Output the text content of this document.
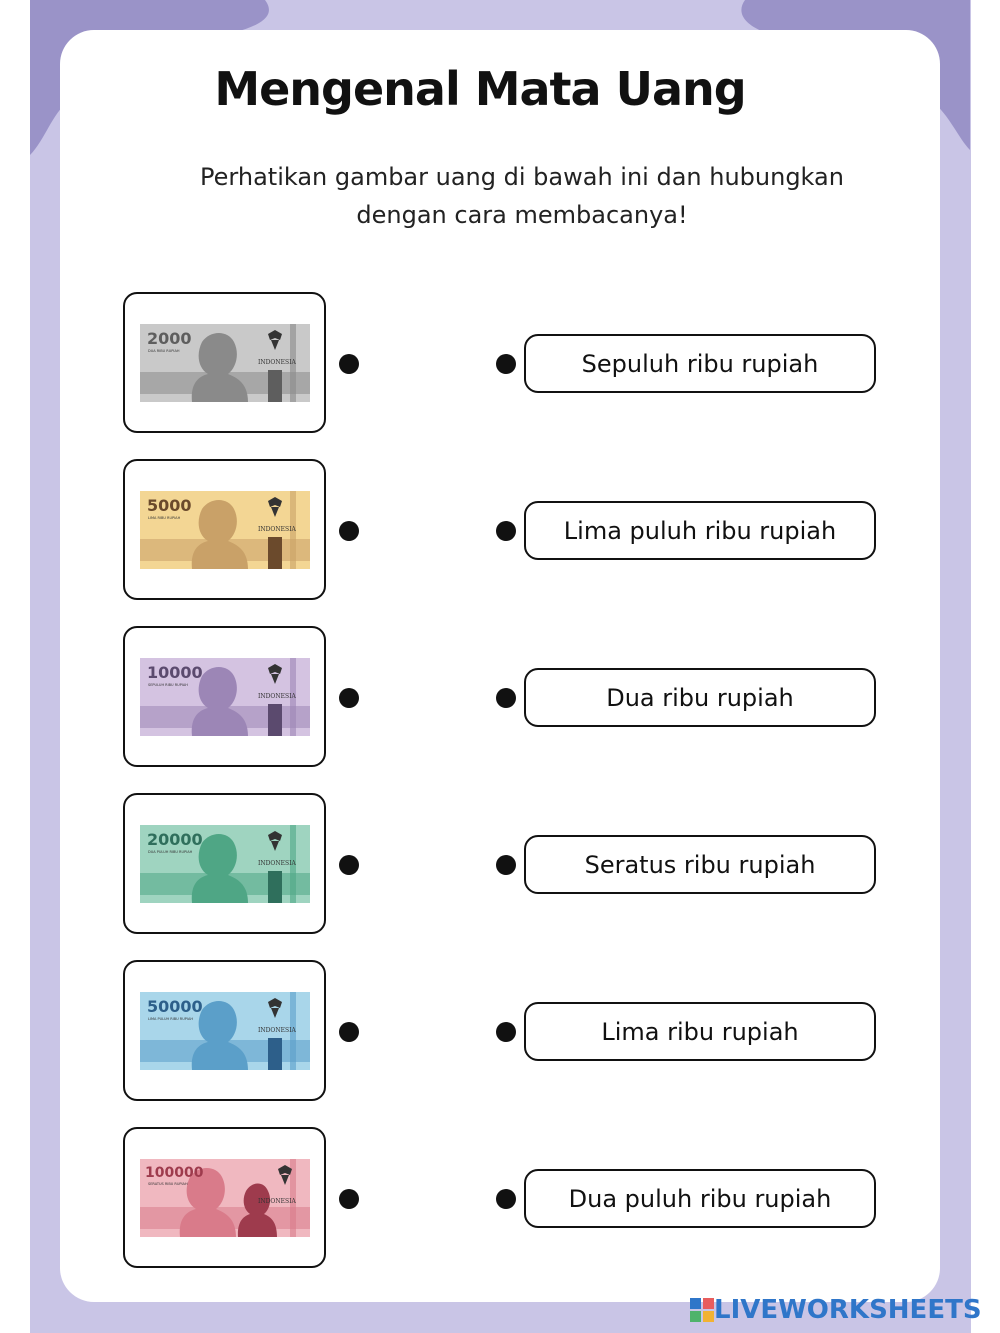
Mengenal Mata Uang
Perhatikan gambar uang di bawah ini dan hubungkan
dengan cara membacanya!
2000
DUA RIBU RUPIAH
INDONESIA
5000
LIMA RIBU RUPIAH
INDONESIA
10000
SEPULUH RIBU RUPIAH
INDONESIA
20000
DUA PULUH RIBU RUPIAH
INDONESIA
50000
LIMA PULUH RIBU RUPIAH
INDONESIA
100000
SERATUS RIBU RUPIAH
INDONESIA
Sepuluh ribu rupiah
Lima puluh ribu rupiah
Dua ribu rupiah
Seratus ribu rupiah
Lima ribu rupiah
Dua puluh ribu rupiah
LIVEWORKSHEETS
